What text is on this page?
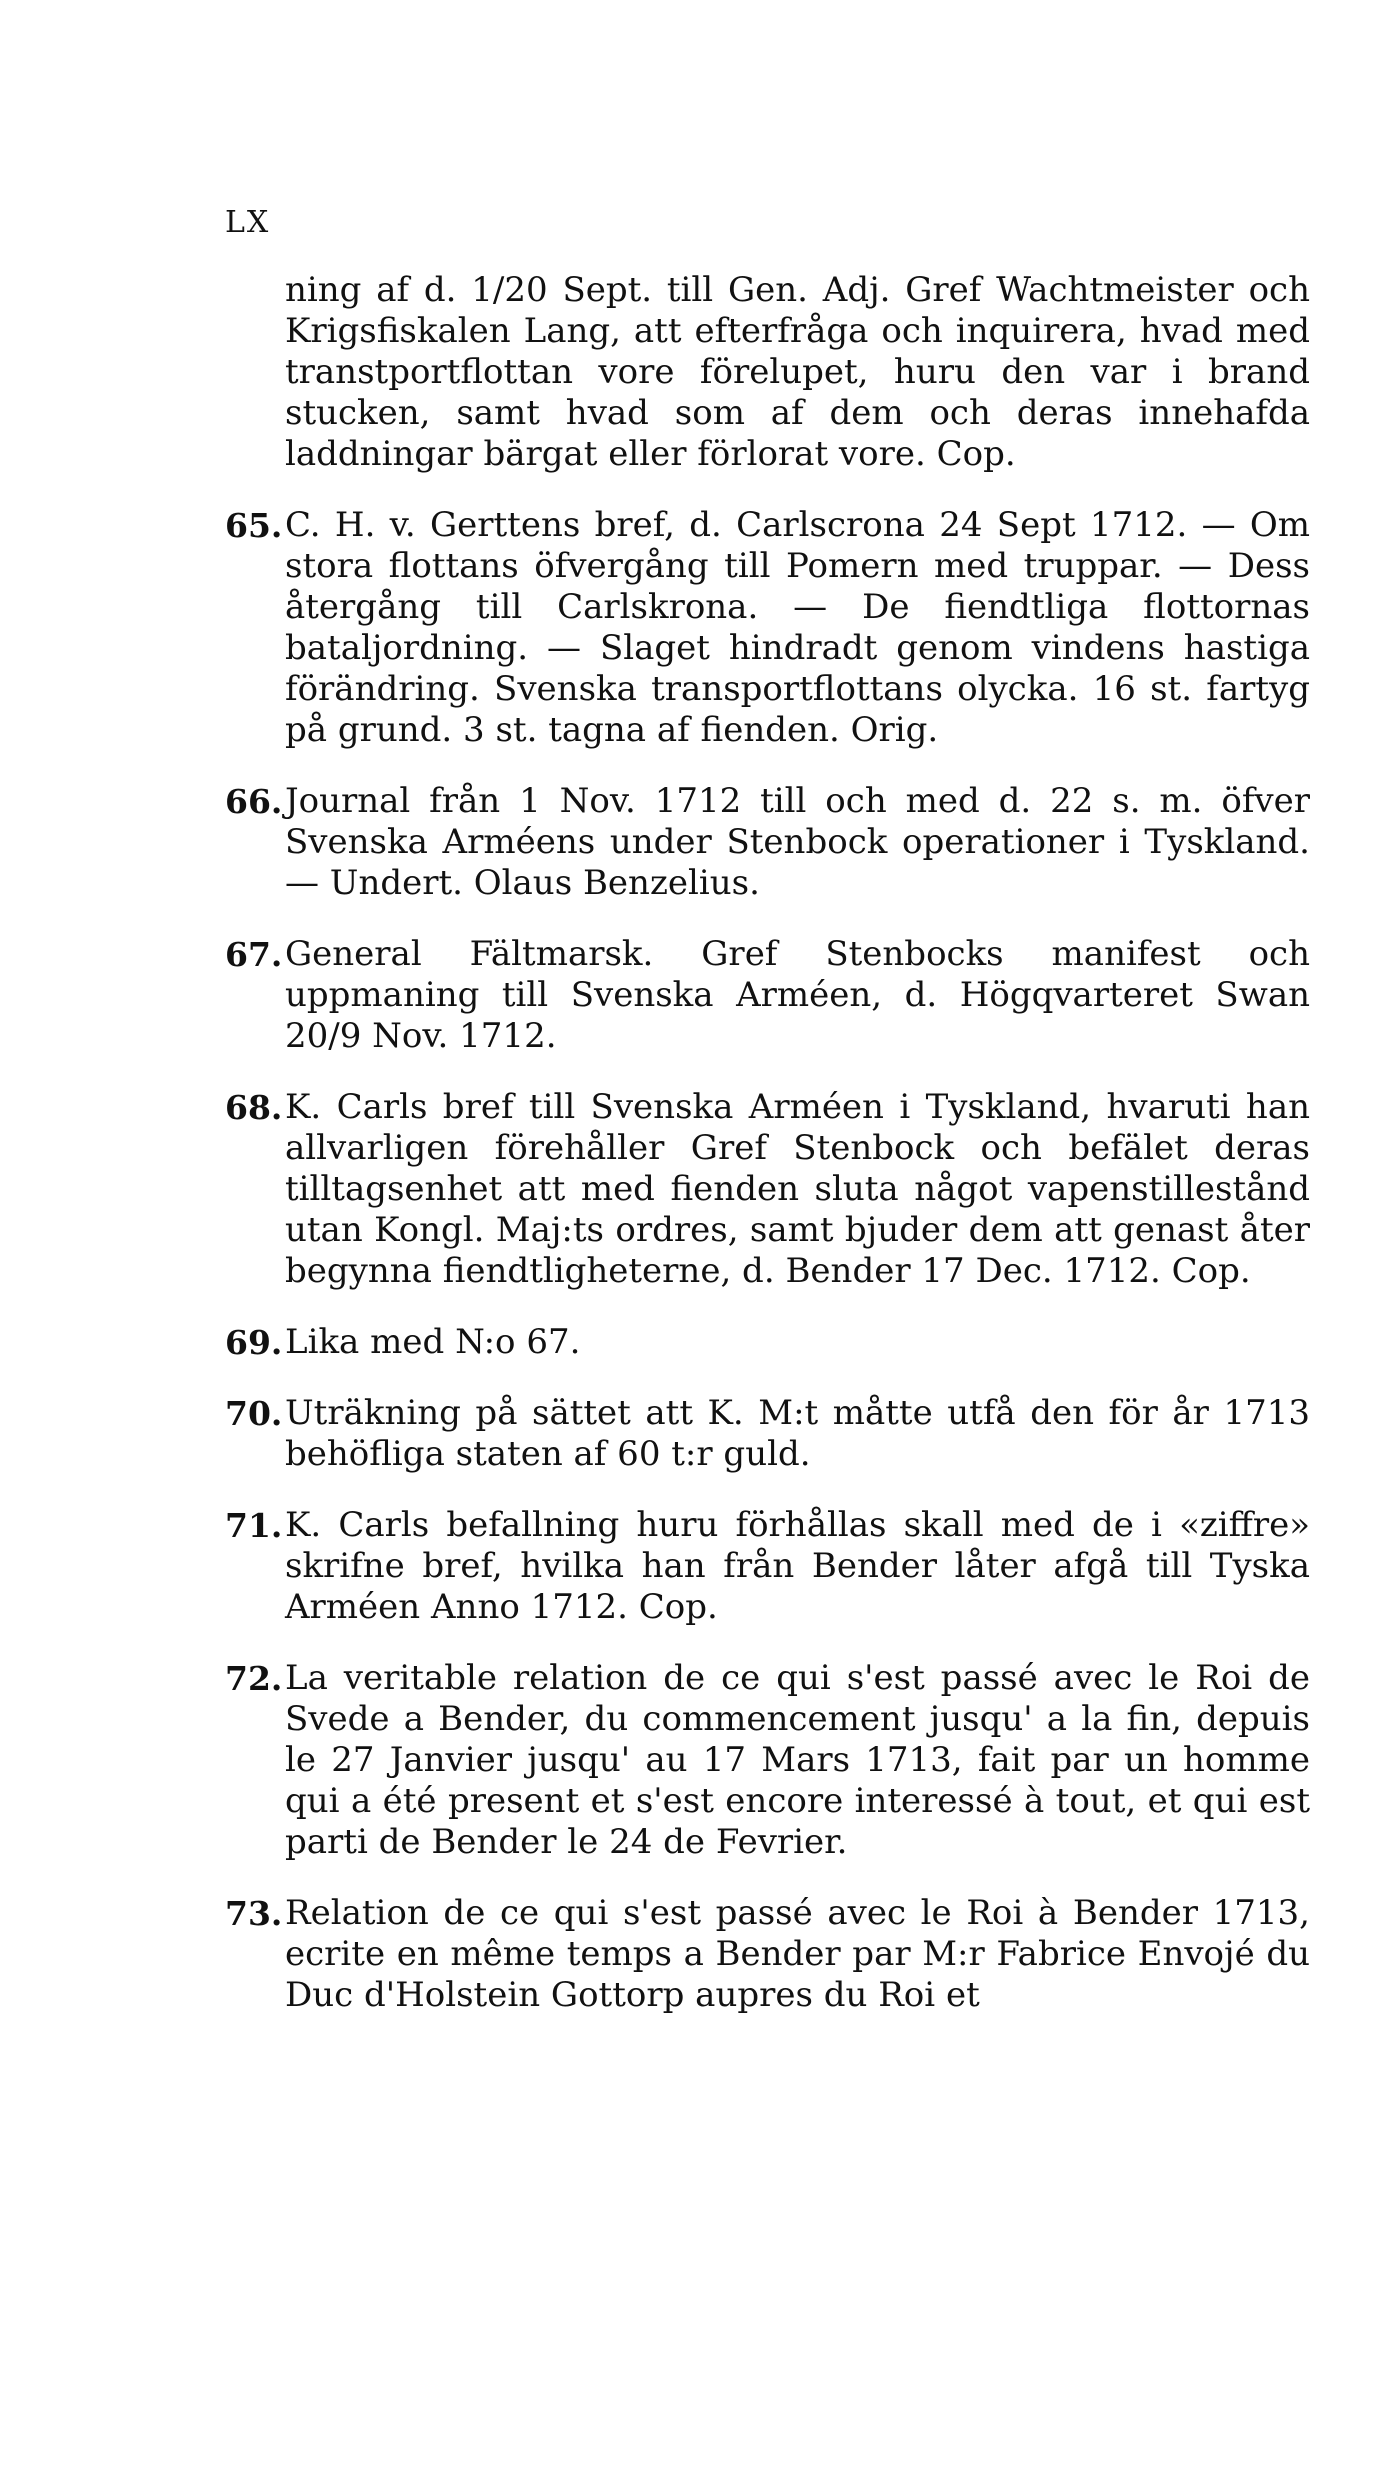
LX
ning af d. 1/20 Sept. till Gen. Adj. Gref Wachtmeister och Krigsfiskalen Lang, att efterfråga och inquirera, hvad med transtportflottan vore förelupet, huru den var i brand stucken, samt hvad som af dem och deras innehafda laddningar bärgat eller förlorat vore. Cop.
65. C. H. v. Gerttens bref, d. Carlscrona 24 Sept 1712. — Om stora flottans öfvergång till Pomern med truppar. — Dess återgång till Carlskrona. — De fiendtliga flottornas bataljordning. — Slaget hindradt genom vindens hastiga förändring. Svenska transportflottans olycka. 16 st. fartyg på grund. 3 st. tagna af fienden. Orig.
66. Journal från 1 Nov. 1712 till och med d. 22 s. m. öfver Svenska Arméens under Stenbock operationer i Tyskland. — Undert. Olaus Benzelius.
67. General Fältmarsk. Gref Stenbocks manifest och uppmaning till Svenska Arméen, d. Högqvarteret Swan 20/9 Nov. 1712.
68. K. Carls bref till Svenska Arméen i Tyskland, hvaruti han allvarligen förehåller Gref Stenbock och befälet deras tilltagsenhet att med fienden sluta något vapenstillestånd utan Kongl. Maj:ts ordres, samt bjuder dem att genast åter begynna fiendtligheterne, d. Bender 17 Dec. 1712. Cop.
69. Lika med N:o 67.
70. Uträkning på sättet att K. M:t måtte utfå den för år 1713 behöfliga staten af 60 t:r guld.
71. K. Carls befallning huru förhållas skall med de i «ziffre» skrifne bref, hvilka han från Bender låter afgå till Tyska Arméen Anno 1712. Cop.
72. La veritable relation de ce qui s'est passé avec le Roi de Svede a Bender, du commencement jusqu' a la fin, depuis le 27 Janvier jusqu' au 17 Mars 1713, fait par un homme qui a été present et s'est encore interessé à tout, et qui est parti de Bender le 24 de Fevrier.
73. Relation de ce qui s'est passé avec le Roi à Bender 1713, ecrite en même temps a Bender par M:r Fabrice Envojé du Duc d'Holstein Gottorp aupres du Roi et
